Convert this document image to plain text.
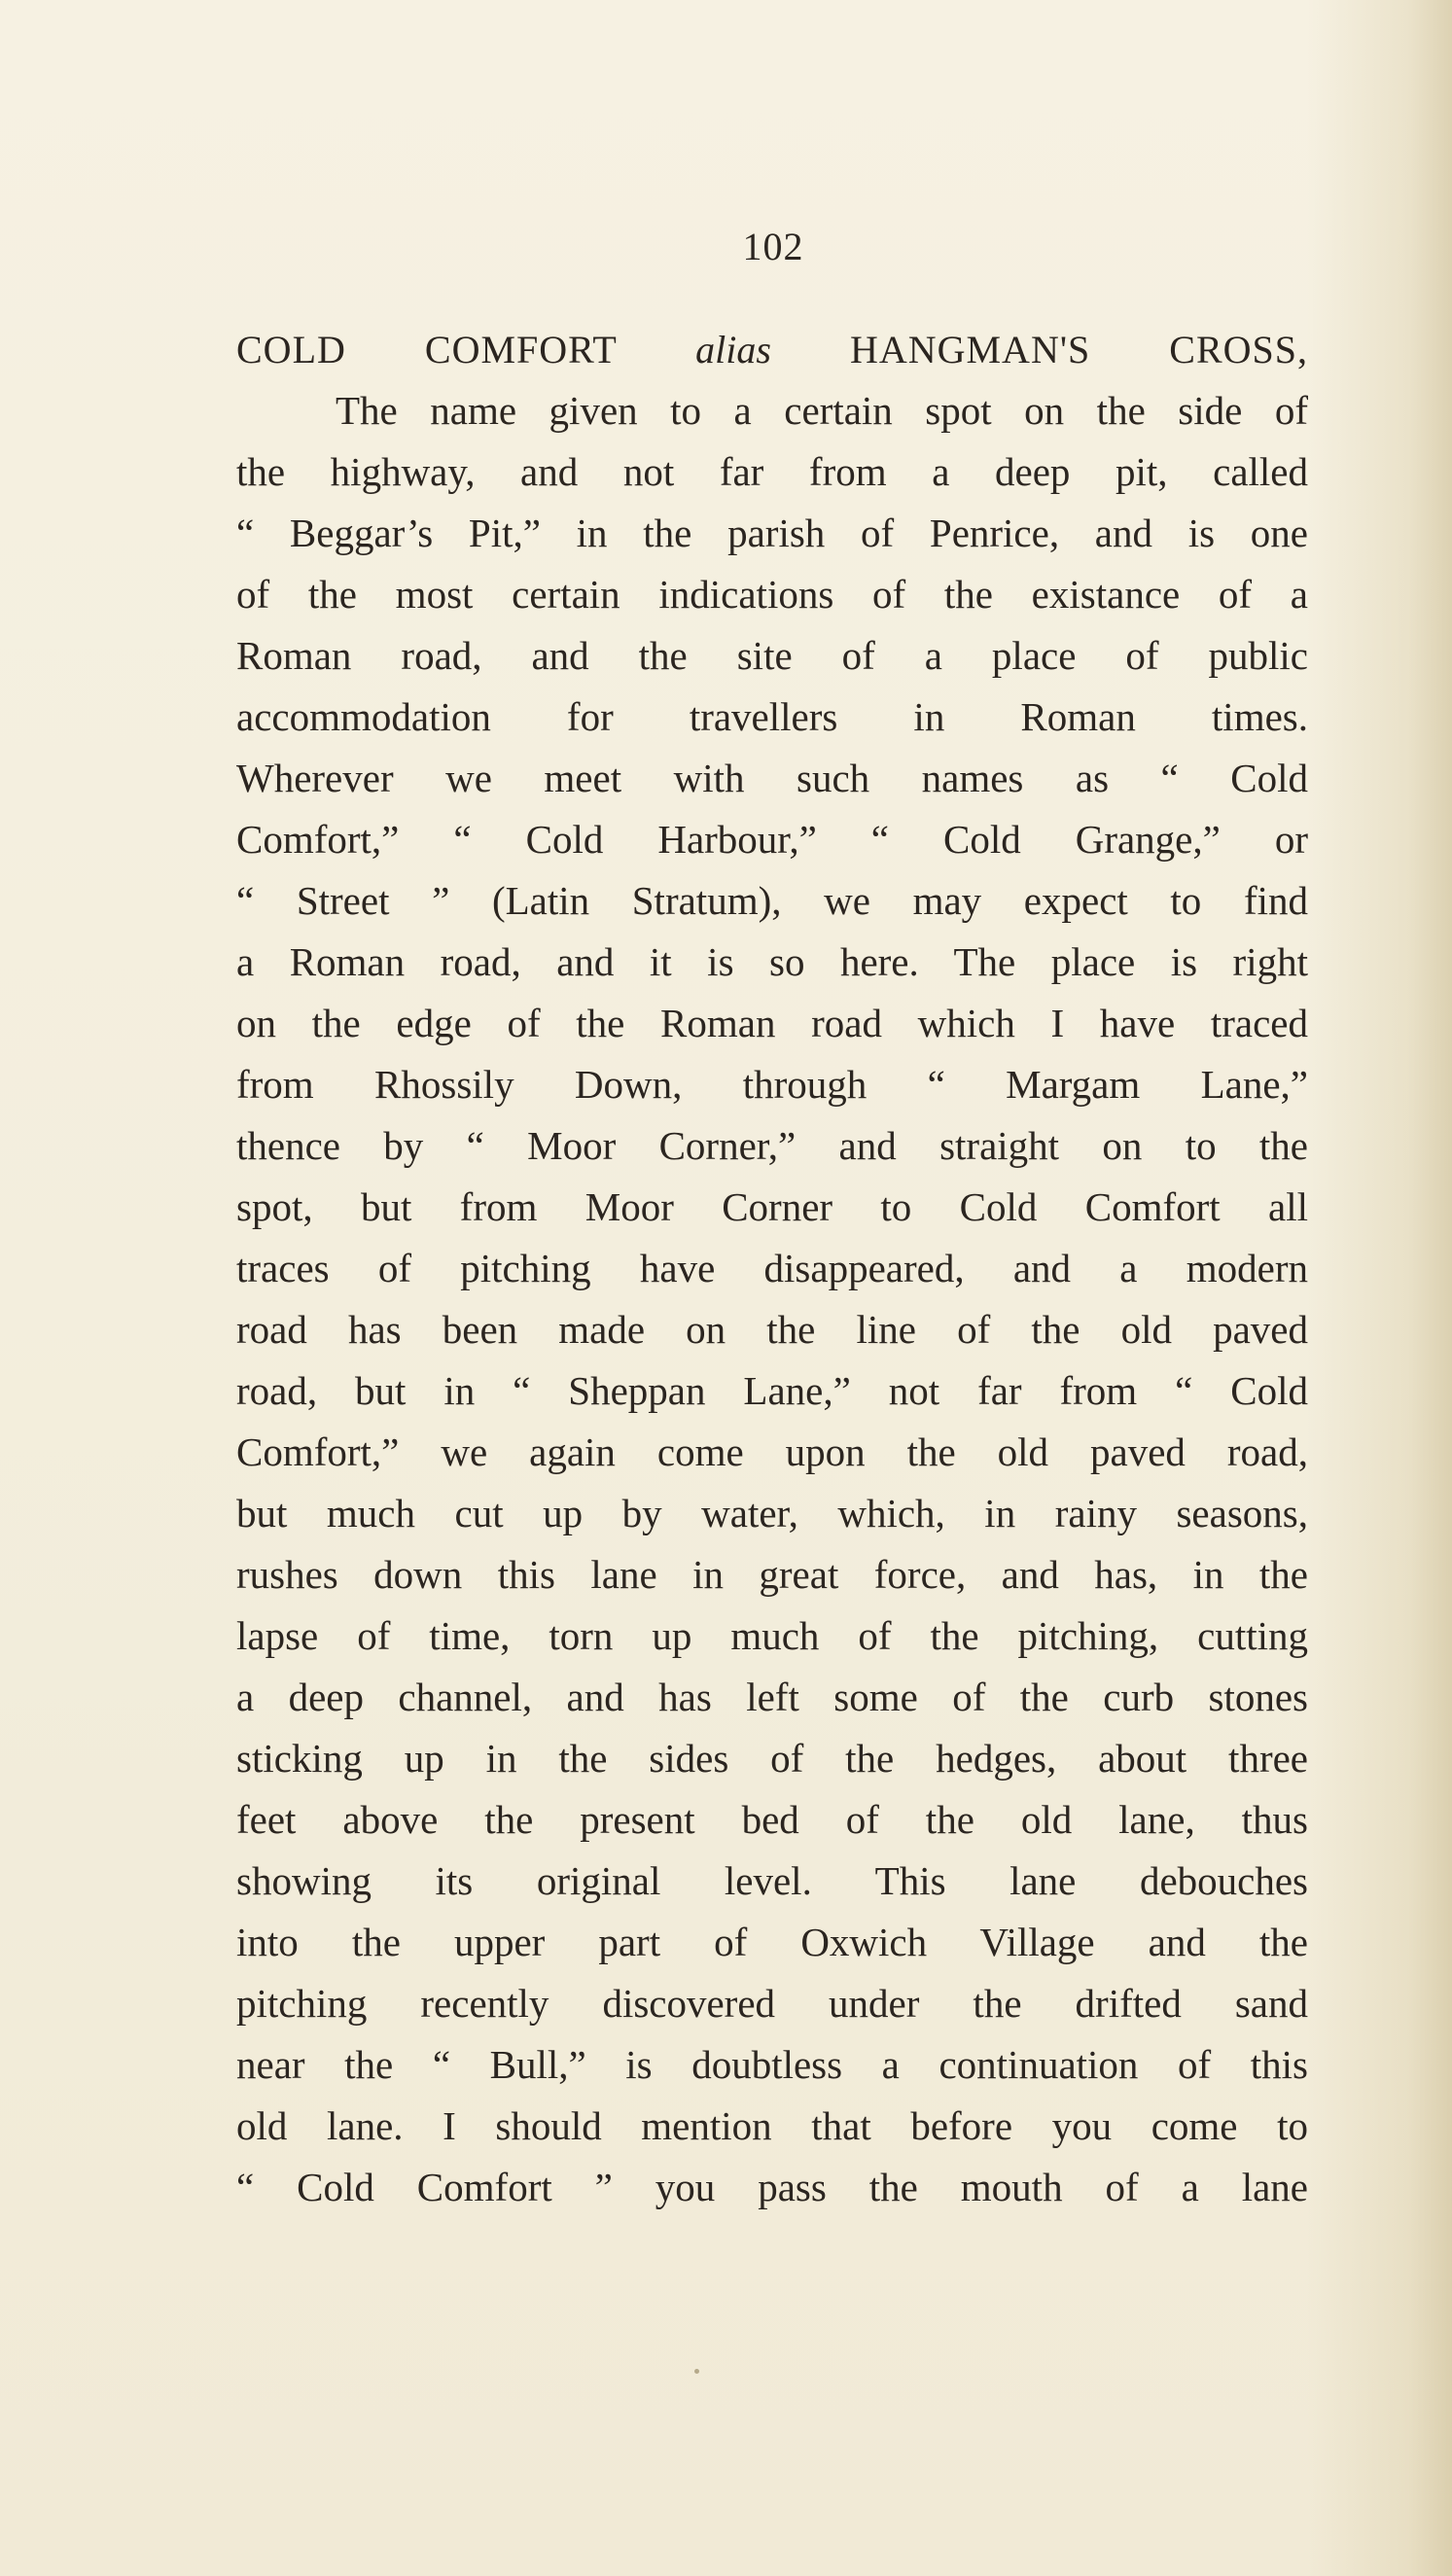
102
COLD COMFORT alias HANGMAN'S CROSS,
The name given to a certain spot on the side of
the highway, and not far from a deep pit, called
“ Beggar’s Pit,” in the parish of Penrice, and is one
of the most certain indications of the existance of a
Roman road, and the site of a place of public
accommodation for travellers in Roman times.
Wherever we meet with such names as “ Cold
Comfort,” “ Cold Harbour,” “ Cold Grange,” or
“ Street ” (Latin Stratum), we may expect to find
a Roman road, and it is so here. The place is right
on the edge of the Roman road which I have traced
from Rhossily Down, through “ Margam Lane,”
thence by “ Moor Corner,” and straight on to the
spot, but from Moor Corner to Cold Comfort all
traces of pitching have disappeared, and a modern
road has been made on the line of the old paved
road, but in “ Sheppan Lane,” not far from “ Cold
Comfort,” we again come upon the old paved road,
but much cut up by water, which, in rainy seasons,
rushes down this lane in great force, and has, in the
lapse of time, torn up much of the pitching, cutting
a deep channel, and has left some of the curb stones
sticking up in the sides of the hedges, about three
feet above the present bed of the old lane, thus
showing its original level. This lane debouches
into the upper part of Oxwich Village and the
pitching recently discovered under the drifted sand
near the “ Bull,” is doubtless a continuation of this
old lane. I should mention that before you come to
“ Cold Comfort ” you pass the mouth of a lane
